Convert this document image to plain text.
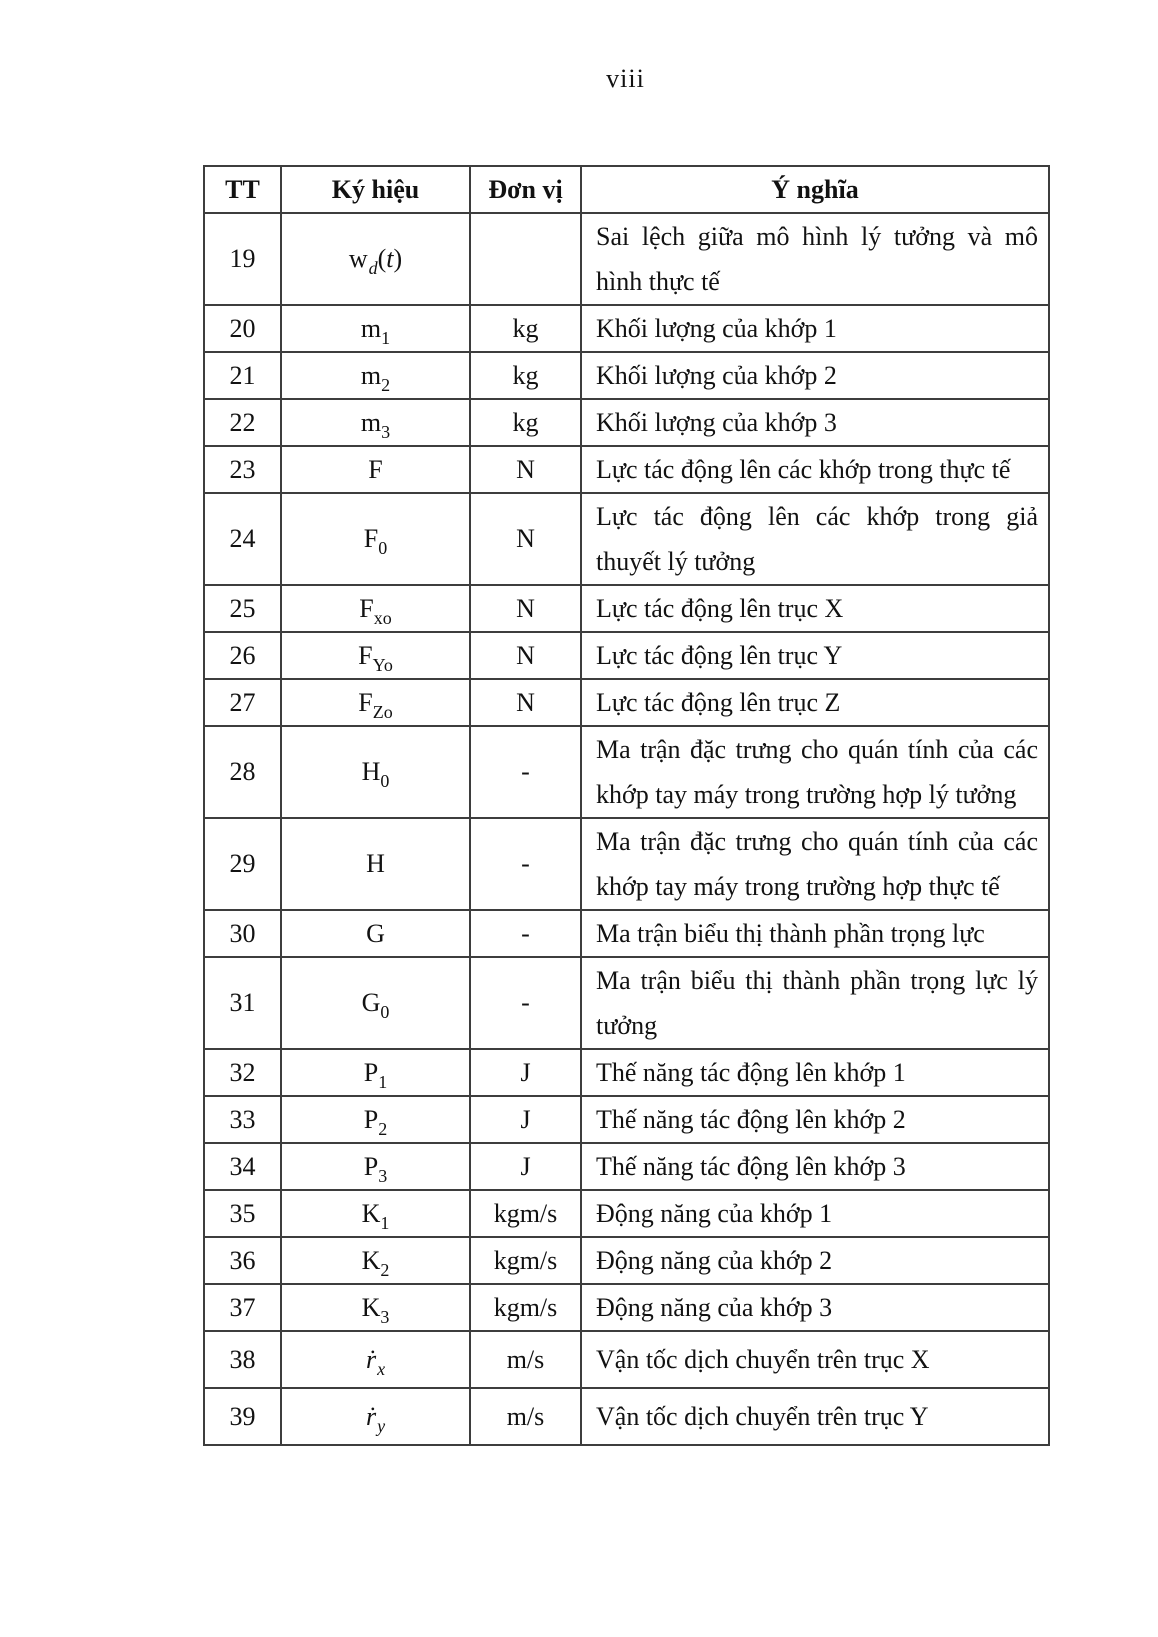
viii
TT	Ký hiệu	Đơn vị	Ý nghĩa
19	$w_d(t)$		Sai lệch giữa mô hình lý tưởng và mô hình thực tế
20	$m_1$	kg	Khối lượng của khớp 1
21	$m_2$	kg	Khối lượng của khớp 2
22	$m_3$	kg	Khối lượng của khớp 3
23	F	N	Lực tác động lên các khớp trong thực tế
24	$F_0$	N	Lực tác động lên các khớp trong giả thuyết lý tưởng
25	$F_{xo}$	N	Lực tác động lên trục X
26	$F_{Yo}$	N	Lực tác động lên trục Y
27	$F_{Zo}$	N	Lực tác động lên trục Z
28	$H_0$	-	Ma trận đặc trưng cho quán tính của các khớp tay máy trong trường hợp lý tưởng
29	H	-	Ma trận đặc trưng cho quán tính của các khớp tay máy trong trường hợp thực tế
30	G	-	Ma trận biểu thị thành phần trọng lực
31	$G_0$	-	Ma trận biểu thị thành phần trọng lực lý tưởng
32	$P_1$	J	Thế năng tác động lên khớp 1
33	$P_2$	J	Thế năng tác động lên khớp 2
34	$P_3$	J	Thế năng tác động lên khớp 3
35	$K_1$	kgm/s	Động năng của khớp 1
36	$K_2$	kgm/s	Động năng của khớp 2
37	$K_3$	kgm/s	Động năng của khớp 3
38	$ṙ_x$	m/s	Vận tốc dịch chuyển trên trục X
39	$ṙ_y$	m/s	Vận tốc dịch chuyển trên trục Y
